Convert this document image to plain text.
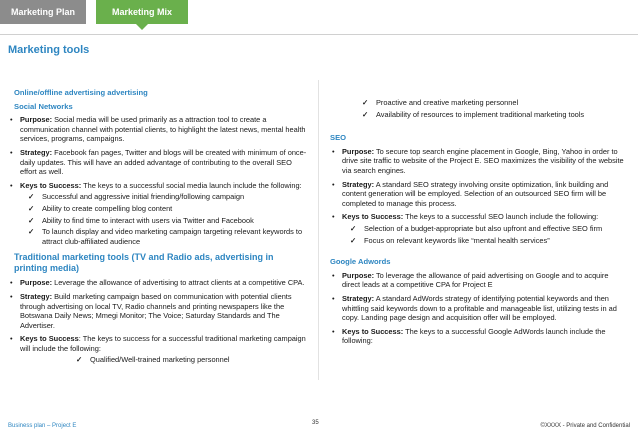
Marketing Plan	Marketing Mix
Marketing tools
Online/offline advertising advertising
Social Networks
• Purpose: Social media will be used primarily as a attraction tool to create a communication channel with potential clients, to highlight the latest news, mental health services, programs, campaigns.
• Strategy: Facebook fan pages, Twitter and blogs will be created with minimum of once-daily updates. This will have an added advantage of contributing to the overall SEO effort as well.
• Keys to Success: The keys to a successful social media launch include the following:
✓ Successful and aggressive initial friending/following campaign
✓ Ability to create compelling blog content
✓ Ability to find time to interact with users via Twitter and Facebook
✓ To launch display and video marketing campaign targeting relevant keywords to attract club-affiliated audience
Traditional marketing tools (TV and Radio ads, advertising in printing media)
• Purpose: Leverage the allowance of advertising to attract clients at a competitive CPA.
• Strategy: Build marketing campaign based on communication with potential clients through advertising on local TV, Radio channels and printing newspapers like the Botswana Daily News; Mmegi Monitor; The Voice; Saturday Standards and The Advertiser.
• Keys to Success: The keys to success for a successful traditional marketing campaign will include the following:
✓ Qualified/Well-trained marketing personnel
✓ Proactive and creative marketing personnel
✓ Availability of resources to implement traditional marketing tools
SEO
• Purpose: To secure top search engine placement in Google, Bing, Yahoo in order to drive site traffic to website of the Project E. SEO maximizes the visibility of the website via search engines.
• Strategy: A standard SEO strategy involving onsite optimization, link building and content generation will be employed. Selection of an outsourced SEO firm will be completed to manage this process.
• Keys to Success: The keys to a successful SEO launch include the following:
✓ Selection of a budget-appropriate but also upfront and effective SEO firm
✓ Focus on relevant keywords like “mental health services”
Google Adwords
• Purpose: To leverage the allowance of paid advertising on Google and to acquire direct leads at a competitive CPA for Project E
• Strategy: A standard AdWords strategy of identifying potential keywords and then whittling said keywords down to a profitable and manageable list, utilizing tests in ad copy. Landing page design and acquisition offer will be employed.
• Keys to Success: The keys to a successful Google AdWords launch include the following:
Business plan – Project E	35	©XXXX - Private and Confidential
